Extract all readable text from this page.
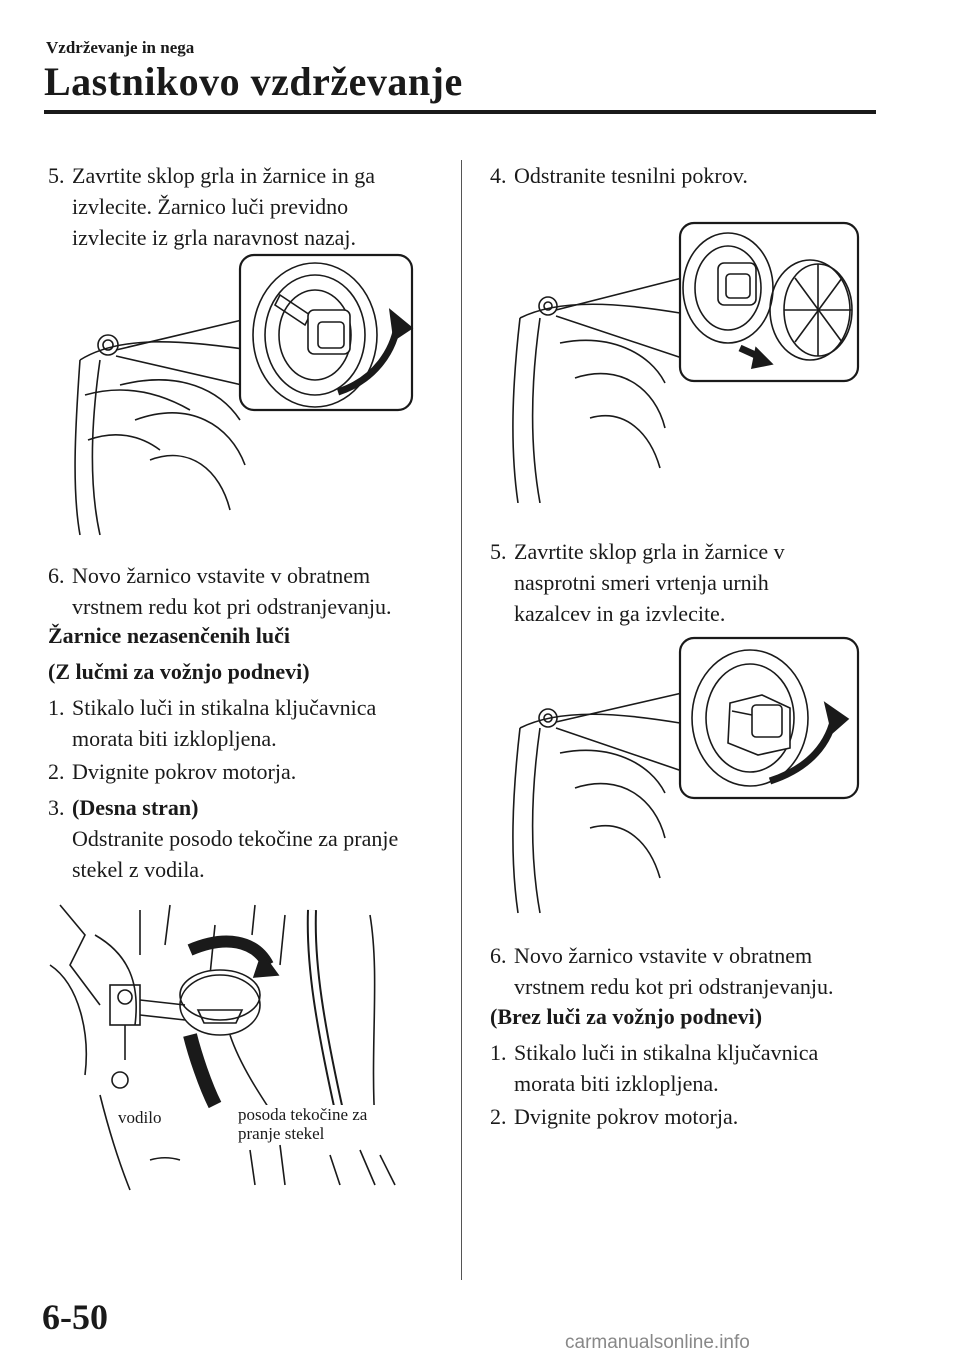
Vzdrževanje in nega
Lastnikovo vzdrževanje
5. Zavrtite sklop grla in žarnice in ga izvlecite. Žarnico luči previdno izvlecite iz grla naravnost nazaj.
6. Novo žarnico vstavite v obratnem vrstnem redu kot pri odstranjevanju.
Žarnice nezasenčenih luči
(Z lučmi za vožnjo podnevi)
1. Stikalo luči in stikalna ključavnica morata biti izklopljena.
2. Dvignite pokrov motorja.
3. (Desna stran)
Odstranite posodo tekočine za pranje stekel z vodila.
vodilo	posoda tekočine za pranje stekel
4. Odstranite tesnilni pokrov.
5. Zavrtite sklop grla in žarnice v nasprotni smeri vrtenja urnih kazalcev in ga izvlecite.
6. Novo žarnico vstavite v obratnem vrstnem redu kot pri odstranjevanju.
(Brez luči za vožnjo podnevi)
1. Stikalo luči in stikalna ključavnica morata biti izklopljena.
2. Dvignite pokrov motorja.
6-50
carmanualsonline.info
